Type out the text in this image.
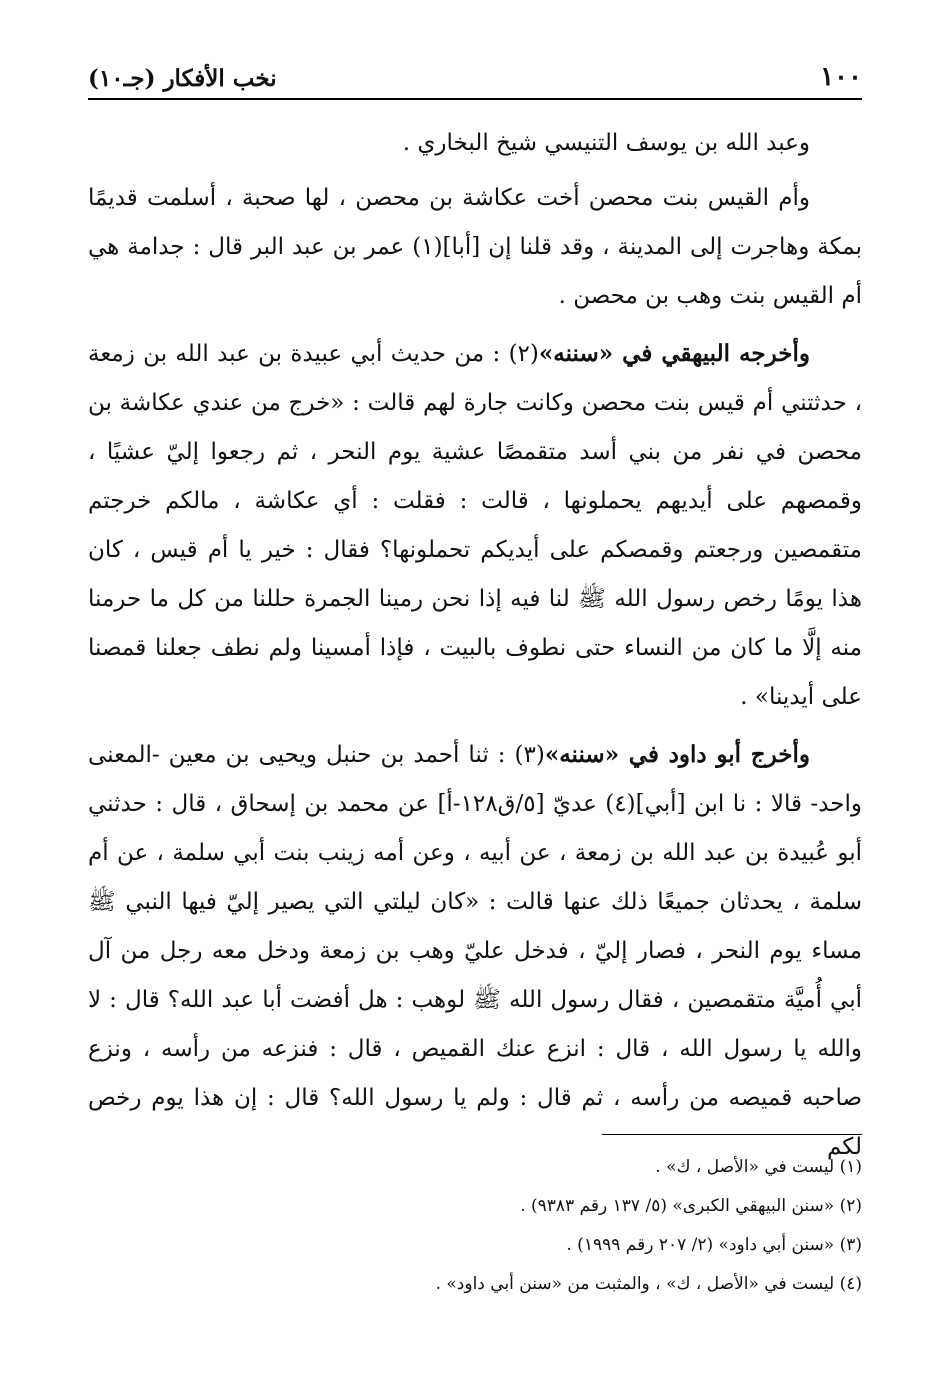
١٠٠
نخب الأفكار (جـ١٠)

وعبد الله بن يوسف التنيسي شيخ البخاري .

وأم القيس بنت محصن أخت عكاشة بن محصن ، لها صحبة ، أسلمت قديمًا بمكة وهاجرت إلى المدينة ، وقد قلنا إن [أبا](١) عمر بن عبد البر قال : جدامة هي أم القيس بنت وهب بن محصن .

وأخرجه البيهقي في «سننه»(٢) : من حديث أبي عبيدة بن عبد الله بن زمعة ، حدثتني أم قيس بنت محصن وكانت جارة لهم قالت : «خرج من عندي عكاشة بن محصن في نفر من بني أسد متقمصًا عشية يوم النحر ، ثم رجعوا إليّ عشيًا ، وقمصهم على أيديهم يحملونها ، قالت : فقلت : أي عكاشة ، مالكم خرجتم متقمصين ورجعتم وقمصكم على أيديكم تحملونها؟ فقال : خير يا أم قيس ، كان هذا يومًا رخص رسول الله ﷺ لنا فيه إذا نحن رمينا الجمرة حللنا من كل ما حرمنا منه إلَّا ما كان من النساء حتى نطوف بالبيت ، فإذا أمسينا ولم نطف جعلنا قمصنا على أيدينا» .

وأخرج أبو داود في «سننه»(٣) : ثنا أحمد بن حنبل ويحيى بن معين -المعنى واحد- قالا : نا ابن [أبي](٤) عديّ [٥/ق١٢٨-أ] عن محمد بن إسحاق ، قال : حدثني أبو عُبيدة بن عبد الله بن زمعة ، عن أبيه ، وعن أمه زينب بنت أبي سلمة ، عن أم سلمة ، يحدثان جميعًا ذلك عنها قالت : «كان ليلتي التي يصير إليّ فيها النبي ﷺ مساء يوم النحر ، فصار إليّ ، فدخل عليّ وهب بن زمعة ودخل معه رجل من آل أبي أُميَّة متقمصين ، فقال رسول الله ﷺ لوهب : هل أفضت أبا عبد الله؟ قال : لا والله يا رسول الله ، قال : انزع عنك القميص ، قال : فنزعه من رأسه ، ونزع صاحبه قميصه من رأسه ، ثم قال : ولم يا رسول الله؟ قال : إن هذا يوم رخص لكم

(١) ليست في «الأصل ، ك» .
(٢) «سنن البيهقي الكبرى» (٥/ ١٣٧ رقم ٩٣٨٣) .
(٣) «سنن أبي داود» (٢/ ٢٠٧ رقم ١٩٩٩) .
(٤) ليست في «الأصل ، ك» ، والمثبت من «سنن أبي داود» .
